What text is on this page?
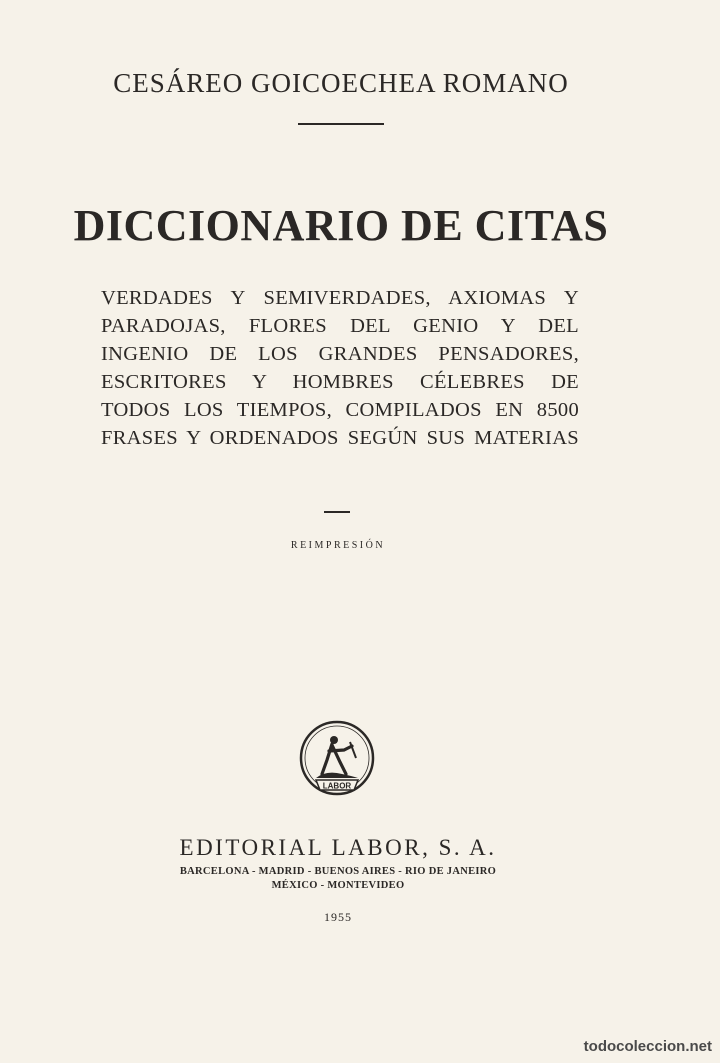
CESÁREO GOICOECHEA ROMANO
DICCIONARIO DE CITAS
VERDADES Y SEMIVERDADES, AXIOMAS Y
PARADOJAS, FLORES DEL GENIO Y DEL
INGENIO DE LOS GRANDES PENSADORES,
ESCRITORES Y HOMBRES CÉLEBRES DE
TODOS LOS TIEMPOS, COMPILADOS EN 8500
FRASES Y ORDENADOS SEGÚN SUS MATERIAS
REIMPRESIÓN
LABOR
EDITORIAL LABOR, S. A.
BARCELONA - MADRID - BUENOS AIRES - RIO DE JANEIRO
MÉXICO - MONTEVIDEO
1955
todocoleccion.net
